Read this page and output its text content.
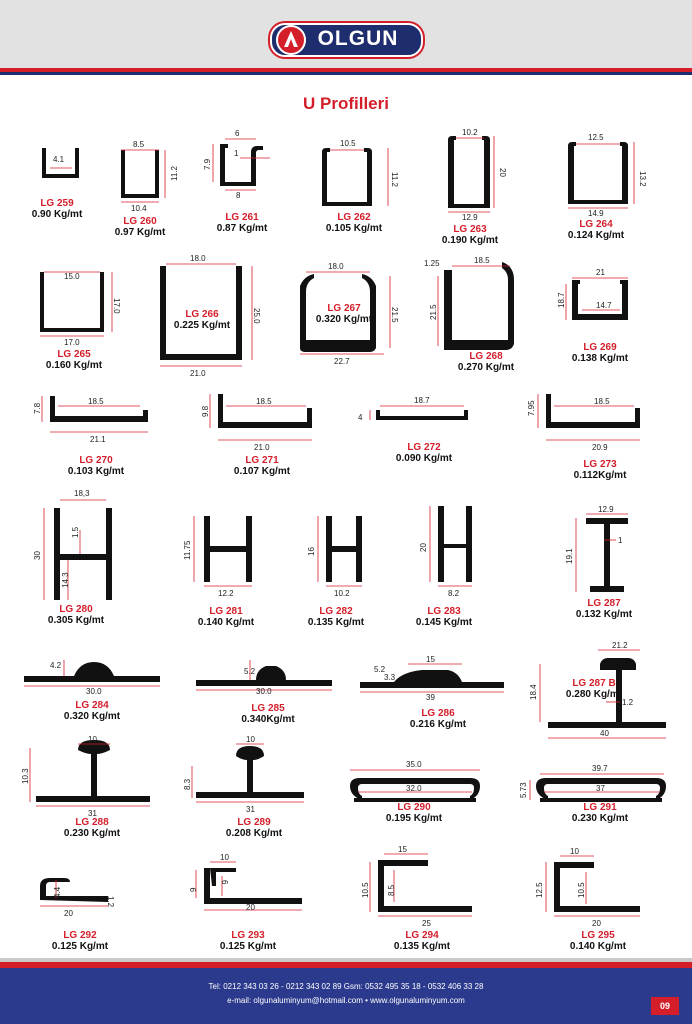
OLGUN
U Profilleri
4.1
8.5
11.2
10.4
6
7.9
1
8
10.5
11.2
10.2
20
12.9
12.5
13.2
14.9
15.0
17.0
17.0
18.0
25.0
21.0
18.0
21.5
22.7
1.25	18.5
21.5
21
14.7
18.7
18.5
7.8
21.1
18.5
9.8
21.0
18.7
4
18.5
7.95
20.9
18,3
30
1.5
14.3
11.75
12.2
16
10.2
20
8.2
12.9
19.1
1
4.2
30.0
5.2
30.0
5.2
3.3
15
39
21.2
18.4
1.2
40
10
10.3
31
10
8.3
31
35.0
32.0
39.7
5.73	37
4.4
1.2
20
10
9
6
20
15
10.5 8.5
25
10
12.5	10.5
20
LG 259
0.90 Kg/mt
LG 260
0.97 Kg/mt
LG 261
0.87 Kg/mt
LG 262
0.105 Kg/mt	LG 263
0.190 Kg/mt
LG 264
0.124 Kg/mt
LG 265
0.160 Kg/mt
LG 266
0.225 Kg/mt
LG 267
0.320 Kg/mt
LG 268
0.270 Kg/mt
LG 269
0.138 Kg/mt
LG 270
0.103 Kg/mt
LG 271
0.107 Kg/mt
LG 272
0.090 Kg/mt
LG 273
0.112Kg/mt
LG 280
0.305 Kg/mt
LG 281
0.140 Kg/mt
LG 282
0.135 Kg/mt
LG 283
0.145 Kg/mt
LG 287
0.132 Kg/mt
LG 284
0.320 Kg/mt
LG 285
0.340Kg/mt
LG 286
0.216 Kg/mt
LG 287 B
0.280 Kg/mt
LG 288
0.230 Kg/mt
LG 289
0.208 Kg/mt
LG 290
0.195 Kg/mt
LG 291
0.230 Kg/mt
LG 292
0.125 Kg/mt
LG 293
0.125 Kg/mt
LG 294
0.135 Kg/mt
LG 295
0.140 Kg/mt
Tel: 0212 343 03 26 - 0212 343 02 89 Gsm: 0532 495 35 18 - 0532 406 33 28
e-mail: olgunaluminyum@hotmail.com • www.olgunaluminyum.com
09
